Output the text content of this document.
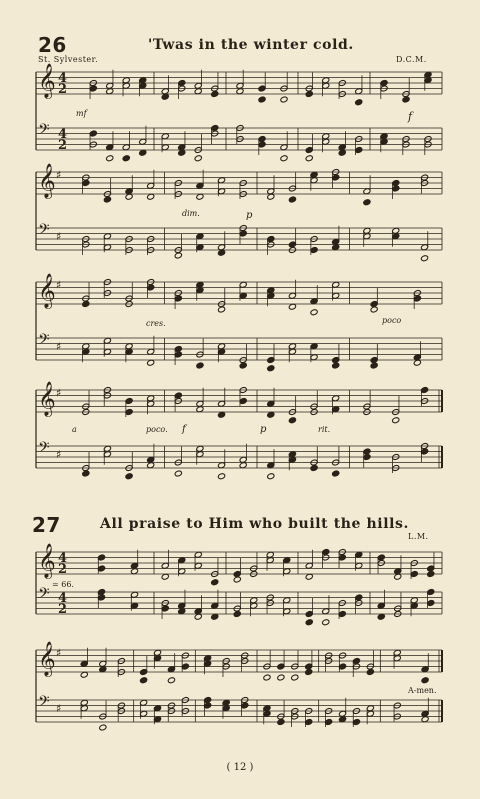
26	'Twas in the winter cold.
St. Sylvester.	D.C.M.
mf	f
dim.	p
cres.	poco
a	poco. f	p	rit.
27	All praise to Him who built the hills.
L.M.
= 66.
A-men.
( 12 )
𝄞
𝄢
4
2
4
2
𝄞 ♯
𝄢 ♯
𝄞 ♯
𝄢 ♯
𝄞 ♯
𝄢 ♯
𝄞
𝄢
4
2
4
2
𝄞 ♯
𝄢 ♯
